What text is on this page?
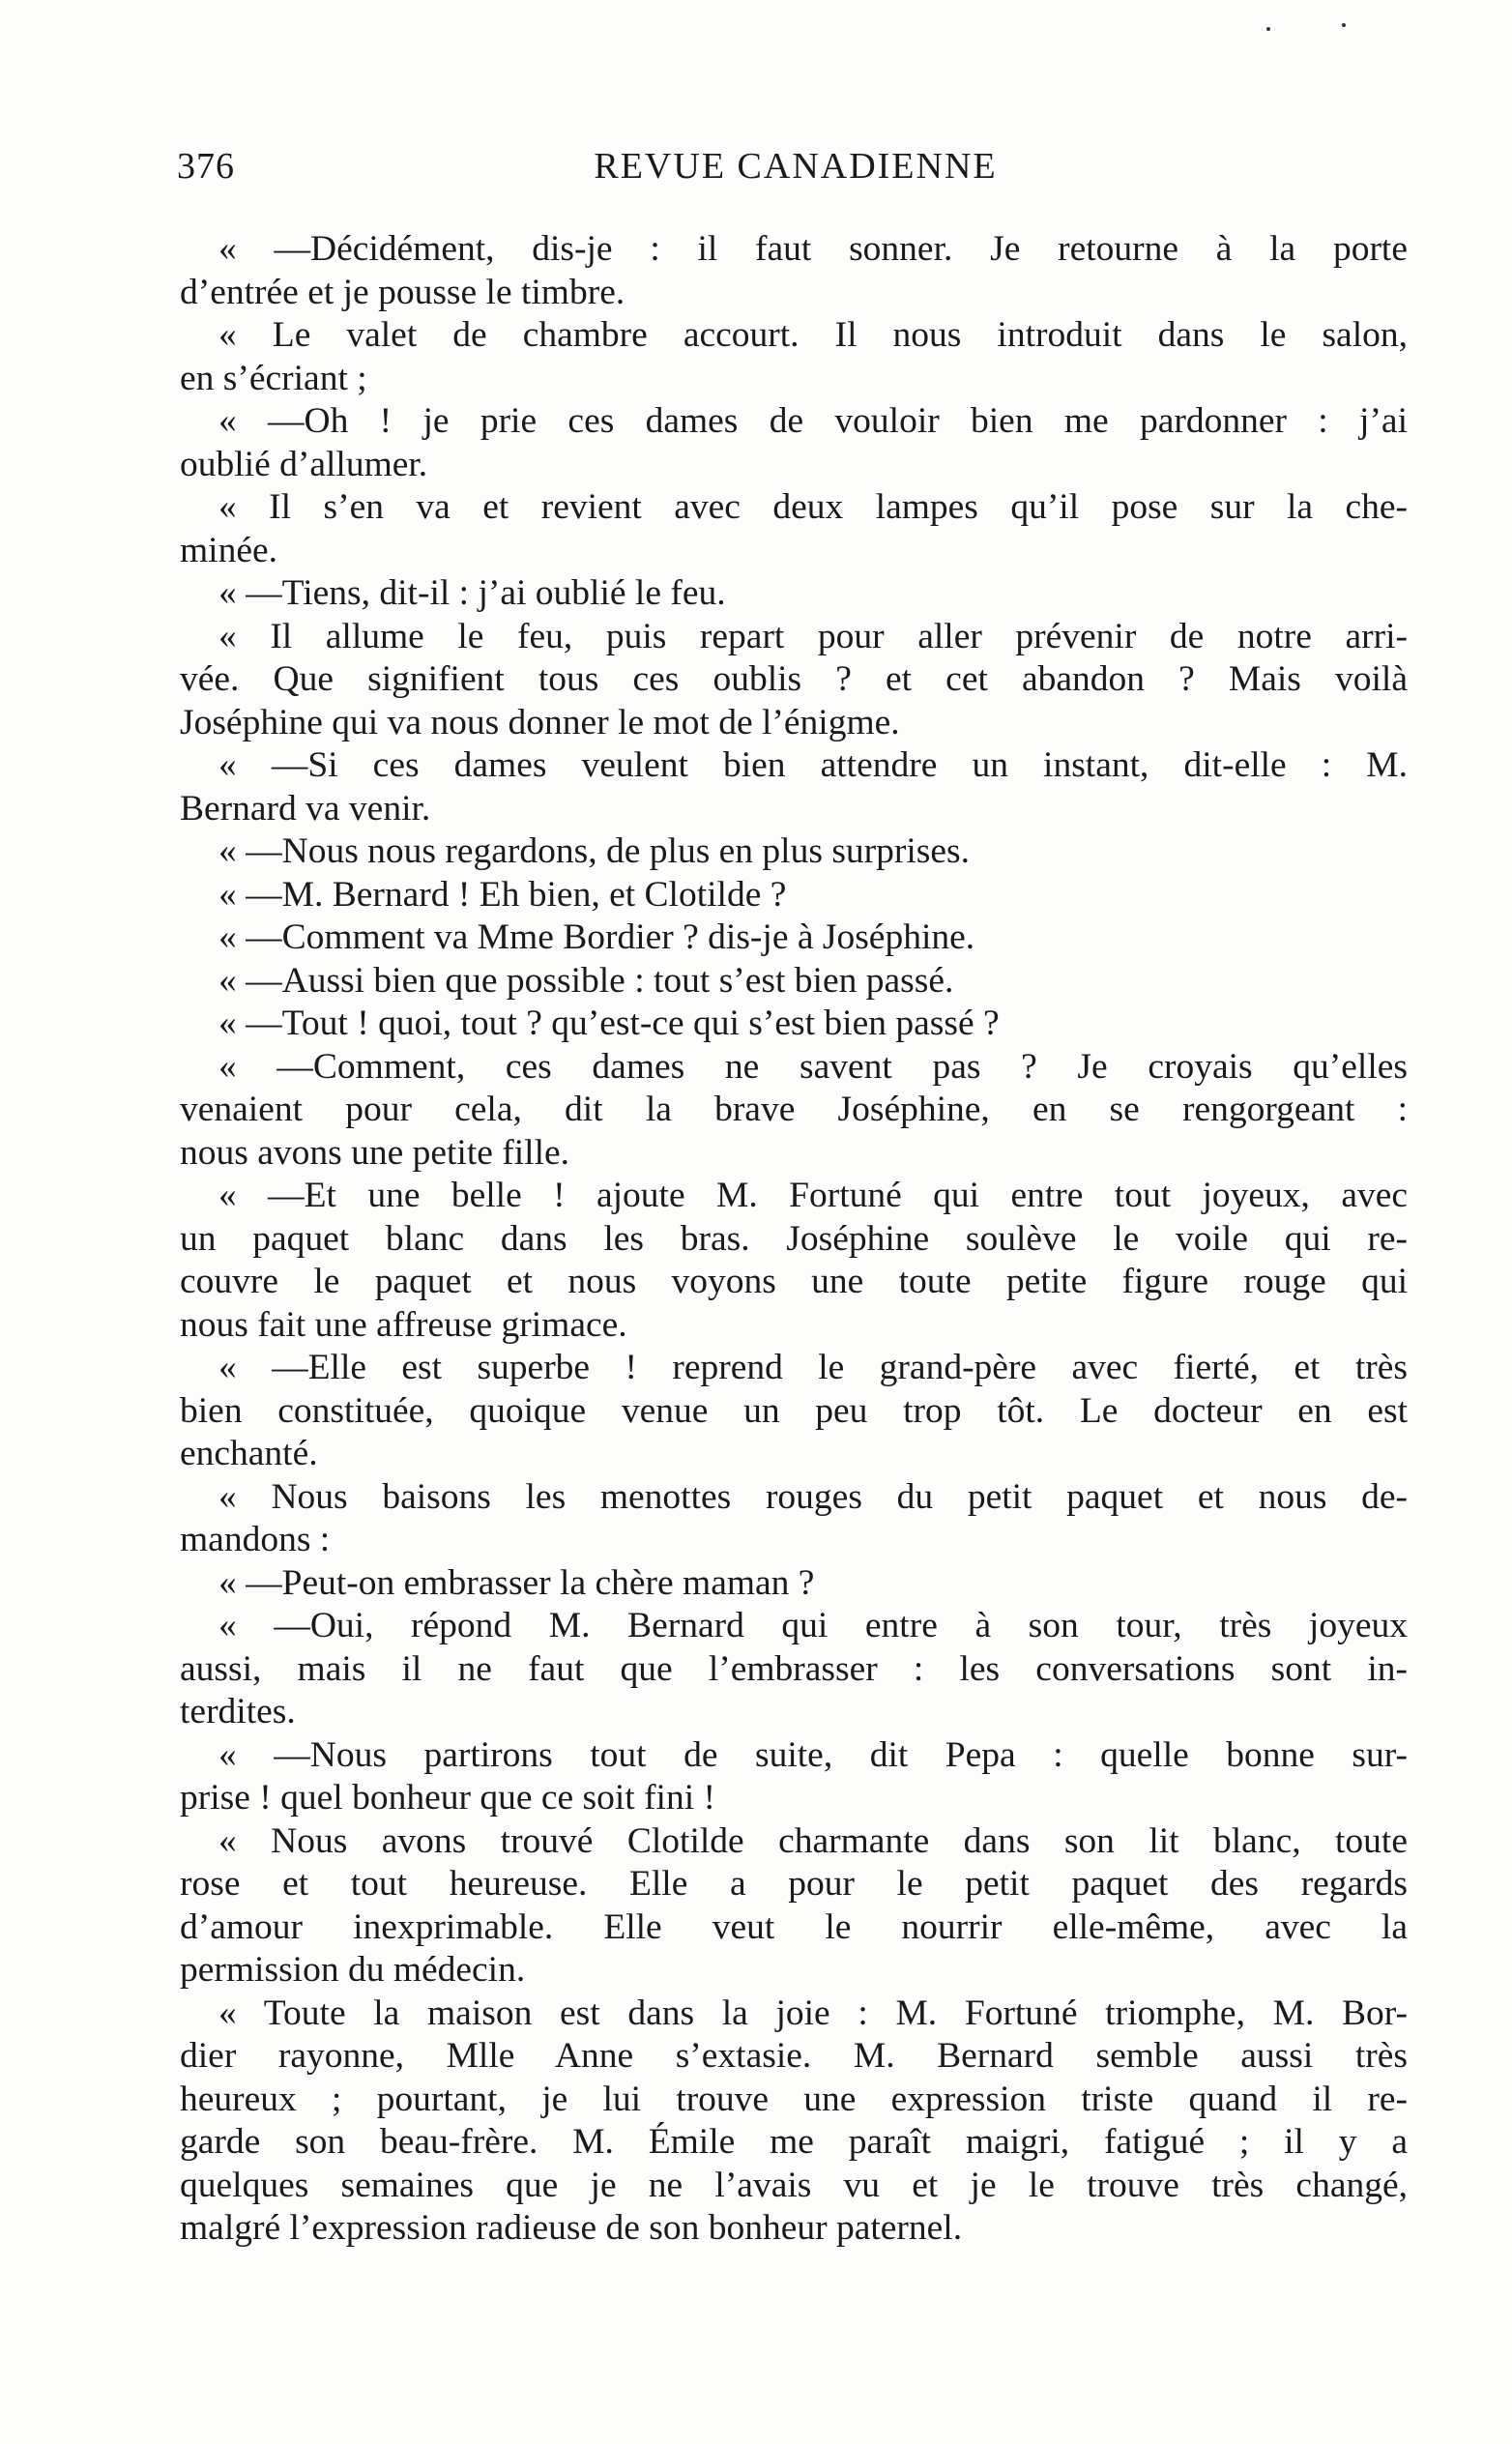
376	REVUE CANADIENNE
« —Décidément, dis-je : il faut sonner. Je retourne à la porte
d’entrée et je pousse le timbre.
« Le valet de chambre accourt. Il nous introduit dans le salon,
en s’écriant ;
« —Oh ! je prie ces dames de vouloir bien me pardonner : j’ai
oublié d’allumer.
« Il s’en va et revient avec deux lampes qu’il pose sur la che-
minée.
« —Tiens, dit-il : j’ai oublié le feu.
« Il allume le feu, puis repart pour aller prévenir de notre arri-
vée. Que signifient tous ces oublis ? et cet abandon ? Mais voilà
Joséphine qui va nous donner le mot de l’énigme.
« —Si ces dames veulent bien attendre un instant, dit-elle : M.
Bernard va venir.
« —Nous nous regardons, de plus en plus surprises.
« —M. Bernard ! Eh bien, et Clotilde ?
« —Comment va Mme Bordier ? dis-je à Joséphine.
« —Aussi bien que possible : tout s’est bien passé.
« —Tout ! quoi, tout ? qu’est-ce qui s’est bien passé ?
« —Comment, ces dames ne savent pas ? Je croyais qu’elles
venaient pour cela, dit la brave Joséphine, en se rengorgeant :
nous avons une petite fille.
« —Et une belle ! ajoute M. Fortuné qui entre tout joyeux, avec
un paquet blanc dans les bras. Joséphine soulève le voile qui re-
couvre le paquet et nous voyons une toute petite figure rouge qui
nous fait une affreuse grimace.
« —Elle est superbe ! reprend le grand-père avec fierté, et très
bien constituée, quoique venue un peu trop tôt. Le docteur en est
enchanté.
« Nous baisons les menottes rouges du petit paquet et nous de-
mandons :
« —Peut-on embrasser la chère maman ?
« —Oui, répond M. Bernard qui entre à son tour, très joyeux
aussi, mais il ne faut que l’embrasser : les conversations sont in-
terdites.
« —Nous partirons tout de suite, dit Pepa : quelle bonne sur-
prise ! quel bonheur que ce soit fini !
« Nous avons trouvé Clotilde charmante dans son lit blanc, toute
rose et tout heureuse. Elle a pour le petit paquet des regards
d’amour inexprimable. Elle veut le nourrir elle-même, avec la
permission du médecin.
« Toute la maison est dans la joie : M. Fortuné triomphe, M. Bor-
dier rayonne, Mlle Anne s’extasie. M. Bernard semble aussi très
heureux ; pourtant, je lui trouve une expression triste quand il re-
garde son beau-frère. M. Émile me paraît maigri, fatigué ; il y a
quelques semaines que je ne l’avais vu et je le trouve très changé,
malgré l’expression radieuse de son bonheur paternel.
